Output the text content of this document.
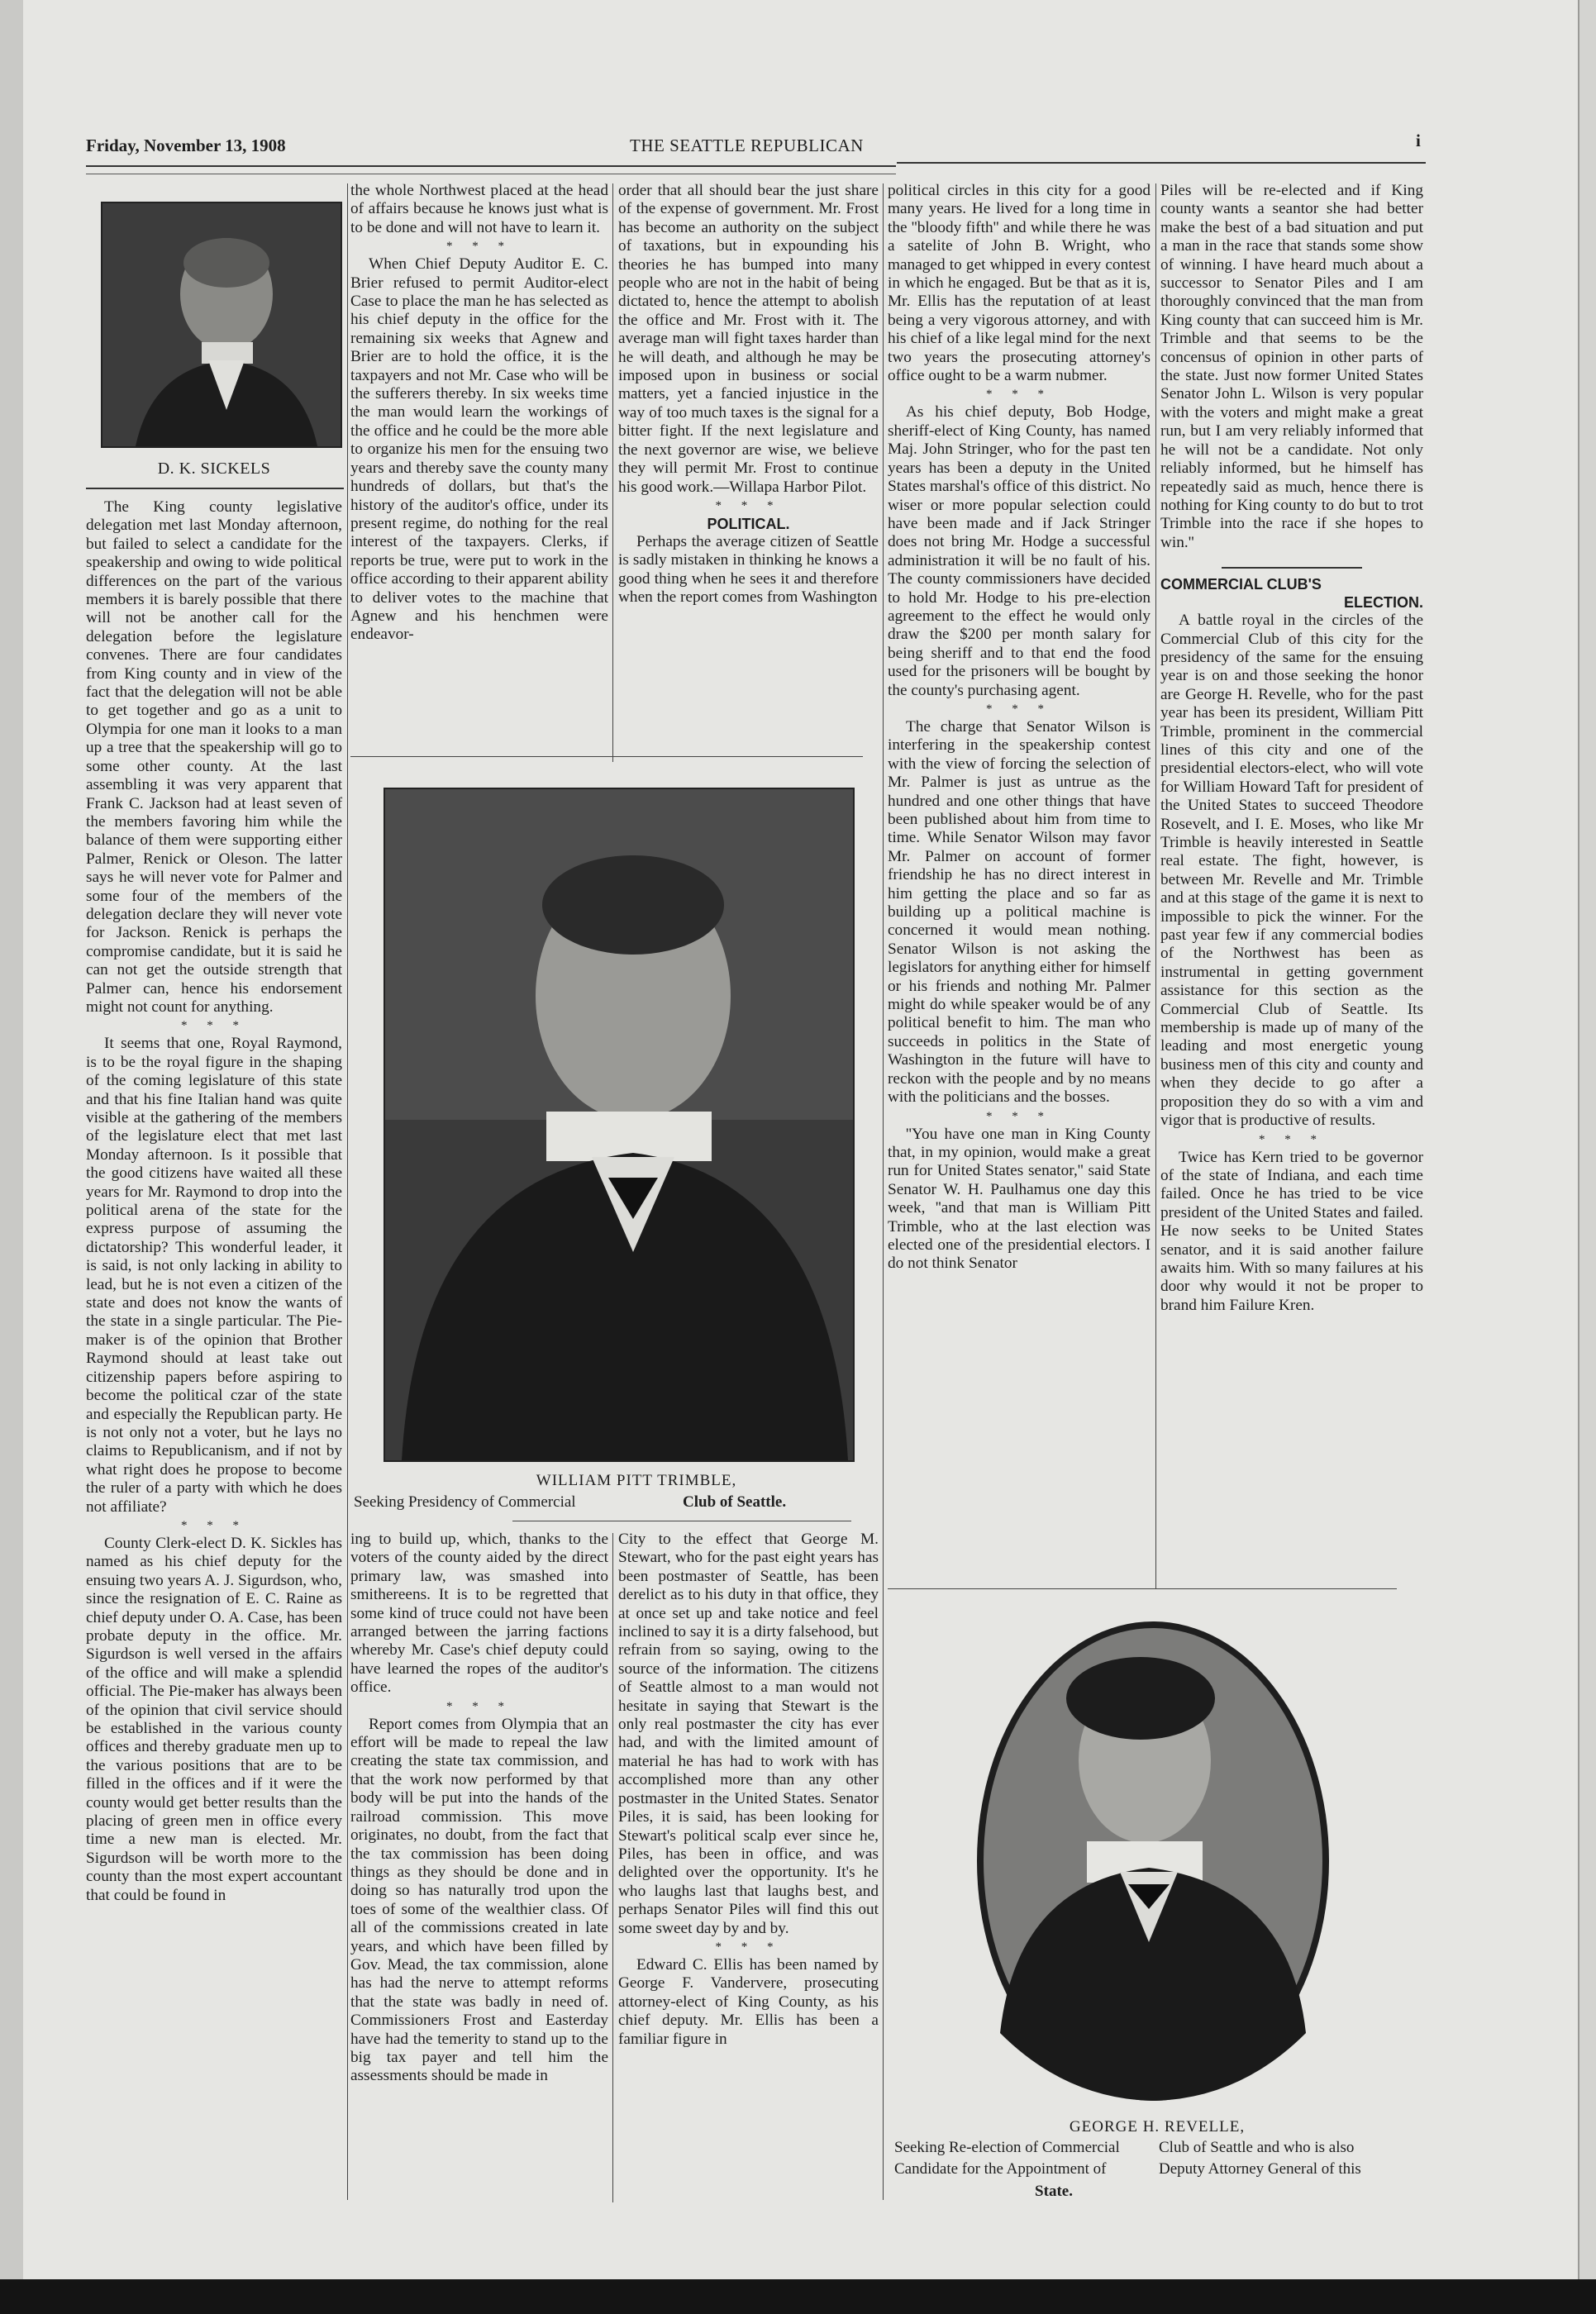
Friday, November 13, 1908	THE SEATTLE REPUBLICAN	i
D. K. SICKELS

The King county legislative delegation met last Monday afternoon, but failed to select a candidate for the speakership and owing to wide political differences on the part of the various members it is barely possible that there will not be another call for the delegation before the legislature convenes. There are four candidates from King county and in view of the fact that the delegation will not be able to get together and go as a unit to Olympia for one man it looks to a man up a tree that the speakership will go to some other county. At the last assembling it was very apparent that Frank C. Jackson had at least seven of the members favoring him while the balance of them were supporting either Palmer, Renick or Oleson. The latter says he will never vote for Palmer and some four of the members of the delegation declare they will never vote for Jackson. Renick is perhaps the compromise candidate, but it is said he can not get the outside strength that Palmer can, hence his endorsement might not count for anything.

* * *

It seems that one, Royal Raymond, is to be the royal figure in the shaping of the coming legislature of this state and that his fine Italian hand was quite visible at the gathering of the members of the legislature elect that met last Monday afternoon. Is it possible that the good citizens have waited all these years for Mr. Raymond to drop into the political arena of the state for the express purpose of assuming the dictatorship? This wonderful leader, it is said, is not only lacking in ability to lead, but he is not even a citizen of the state and does not know the wants of the state in a single particular. The Pie-maker is of the opinion that Brother Raymond should at least take out citizenship papers before aspiring to become the political czar of the state and especially the Republican party. He is not only not a voter, but he lays no claims to Republicanism, and if not by what right does he propose to become the ruler of a party with which he does not affiliate?

* * *

County Clerk-elect D. K. Sickles has named as his chief deputy for the ensuing two years A. J. Sigurdson, who, since the resignation of E. C. Raine as chief deputy under O. A. Case, has been probate deputy in the office. Mr. Sigurdson is well versed in the affairs of the office and will make a splendid official. The Pie-maker has always been of the opinion that civil service should be established in the various county offices and thereby graduate men up to the various positions that are to be filled in the offices and if it were the county would get better results than the placing of green men in office every time a new man is elected. Mr. Sigurdson will be worth more to the county than the most expert accountant that could be found in

the whole Northwest placed at the head of affairs because he knows just what is to be done and will not have to learn it.

* * *

When Chief Deputy Auditor E. C. Brier refused to permit Auditor-elect Case to place the man he has selected as his chief deputy in the office for the remaining six weeks that Agnew and Brier are to hold the office, it is the taxpayers and not Mr. Case who will be the sufferers thereby. In six weeks time the man would learn the workings of the office and he could be the more able to organize his men for the ensuing two years and thereby save the county many hundreds of dollars, but that's the history of the auditor's office, under its present regime, do nothing for the real interest of the taxpayers. Clerks, if reports be true, were put to work in the office according to their apparent ability to deliver votes to the machine that Agnew and his henchmen were endeavor-

order that all should bear the just share of the expense of government. Mr. Frost has become an authority on the subject of taxations, but in expounding his theories he has bumped into many people who are not in the habit of being dictated to, hence the attempt to abolish the office and Mr. Frost with it. The average man will fight taxes harder than he will death, and although he may be imposed upon in business or social matters, yet a fancied injustice in the way of too much taxes is the signal for a bitter fight. If the next legislature and the next governor are wise, we believe they will permit Mr. Frost to continue his good work.—Willapa Harbor Pilot.

* * *
POLITICAL.

Perhaps the average citizen of Seattle is sadly mistaken in thinking he knows a good thing when he sees it and therefore when the report comes from Washington

WILLIAM PITT TRIMBLE,
Seeking Presidency of Commercial	Club of Seattle.

ing to build up, which, thanks to the voters of the county aided by the direct primary law, was smashed into smithereens. It is to be regretted that some kind of truce could not have been arranged between the jarring factions whereby Mr. Case's chief deputy could have learned the ropes of the auditor's office.

* * *

Report comes from Olympia that an effort will be made to repeal the law creating the state tax commission, and that the work now performed by that body will be put into the hands of the railroad commission. This move originates, no doubt, from the fact that the tax commission has been doing things as they should be done and in doing so has naturally trod upon the toes of some of the wealthier class. Of all of the commissions created in late years, and which have been filled by Gov. Mead, the tax commission, alone has had the nerve to attempt reforms that the state was badly in need of. Commissioners Frost and Easterday have had the temerity to stand up to the big tax payer and tell him the assessments should be made in

City to the effect that George M. Stewart, who for the past eight years has been postmaster of Seattle, has been derelict as to his duty in that office, they at once set up and take notice and feel inclined to say it is a dirty falsehood, but refrain from so saying, owing to the source of the information. The citizens of Seattle almost to a man would not hesitate in saying that Stewart is the only real postmaster the city has ever had, and with the limited amount of material he has had to work with has accomplished more than any other postmaster in the United States. Senator Piles, it is said, has been looking for Stewart's political scalp ever since he, Piles, has been in office, and was delighted over the opportunity. It's he who laughs last that laughs best, and perhaps Senator Piles will find this out some sweet day by and by.

* * *

Edward C. Ellis has been named by George F. Vandervere, prosecuting attorney-elect of King County, as his chief deputy. Mr. Ellis has been a familiar figure in

political circles in this city for a good many years. He lived for a long time in the ''bloody fifth'' and while there he was a satelite of John B. Wright, who managed to get whipped in every contest in which he engaged. But be that as it is, Mr. Ellis has the reputation of at least being a very vigorous attorney, and with his chief of a like legal mind for the next two years the prosecuting attorney's office ought to be a warm nubmer.

* * *

As his chief deputy, Bob Hodge, sheriff-elect of King County, has named Maj. John Stringer, who for the past ten years has been a deputy in the United States marshal's office of this district. No wiser or more popular selection could have been made and if Jack Stringer does not bring Mr. Hodge a successful administration it will be no fault of his. The county commissioners have decided to hold Mr. Hodge to his pre-election agreement to the effect he would only draw the $200 per month salary for being sheriff and to that end the food used for the prisoners will be bought by the county's purchasing agent.

* * *

The charge that Senator Wilson is interfering in the speakership contest with the view of forcing the selection of Mr. Palmer is just as untrue as the hundred and one other things that have been published about him from time to time. While Senator Wilson may favor Mr. Palmer on account of former friendship he has no direct interest in him getting the place and so far as building up a political machine is concerned it would mean nothing. Senator Wilson is not asking the legislators for anything either for himself or his friends and nothing Mr. Palmer might do while speaker would be of any political benefit to him. The man who succeeds in politics in the State of Washington in the future will have to reckon with the people and by no means with the politicians and the bosses.

* * *

''You have one man in King County that, in my opinion, would make a great run for United States senator,'' said State Senator W. H. Paulhamus one day this week, ''and that man is William Pitt Trimble, who at the last election was elected one of the presidential electors. I do not think Senator

Piles will be re-elected and if King county wants a seantor she had better make the best of a bad situation and put a man in the race that stands some show of winning. I have heard much about a successor to Senator Piles and I am thoroughly convinced that the man from King county that can succeed him is Mr. Trimble and that seems to be the concensus of opinion in other parts of the state. Just now former United States Senator John L. Wilson is very popular with the voters and might make a great run, but I am very reliably informed that he will not be a candidate. Not only reliably informed, but he himself has repeatedly said as much, hence there is nothing for King county to do but to trot Trimble into the race if she hopes to win.''

COMMERCIAL CLUB'S
ELECTION.

A battle royal in the circles of the Commercial Club of this city for the presidency of the same for the ensuing year is on and those seeking the honor are George H. Revelle, who for the past year has been its president, William Pitt Trimble, prominent in the commercial lines of this city and one of the presidential electors-elect, who will vote for William Howard Taft for president of the United States to succeed Theodore Rosevelt, and I. E. Moses, who like Mr Trimble is heavily interested in Seattle real estate. The fight, however, is between Mr. Revelle and Mr. Trimble and at this stage of the game it is next to impossible to pick the winner. For the past year few if any commercial bodies of the Northwest has been as instrumental in getting government assistance for this section as the Commercial Club of Seattle. Its membership is made up of many of the leading and most energetic young business men of this city and county and when they decide to go after a proposition they do so with a vim and vigor that is productive of results.

* * *

Twice has Kern tried to be governor of the state of Indiana, and each time failed. Once he has tried to be vice president of the United States and failed. He now seeks to be United States senator, and it is said another failure awaits him. With so many failures at his door why would it not be proper to brand him Failure Kren.

GEORGE H. REVELLE,
Seeking Re-election of Commercial	Club of Seattle and who is also
Candidate for the Appointment of	Deputy Attorney General of this
State.
